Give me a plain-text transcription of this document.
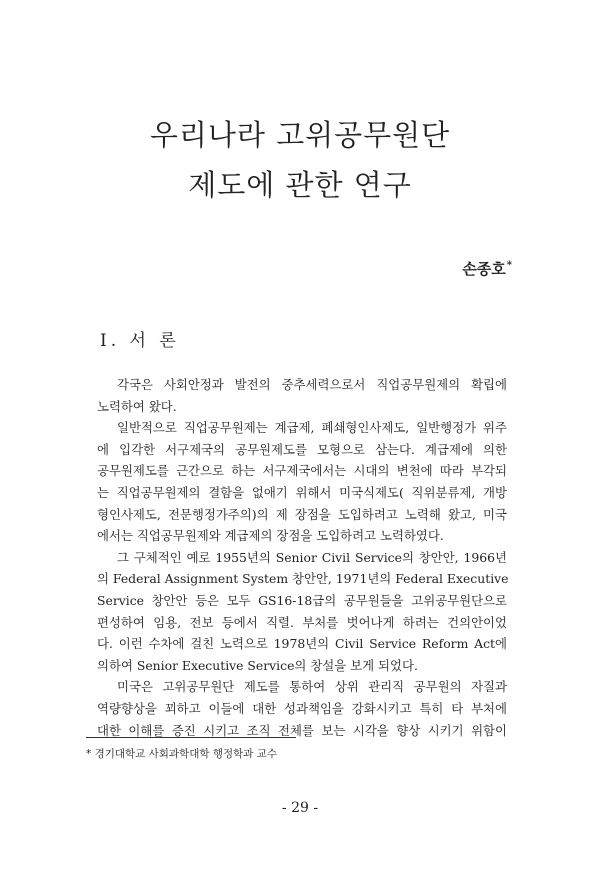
우리나라 고위공무원단
제도에 관한 연구
손종호*
Ⅰ. 서 론
각국은 사회안정과 발전의 중추세력으로서 직업공무원제의 확립에
노력하여 왔다.
일반적으로 직업공무원제는 계급제, 폐쇄형인사제도, 일반행정가 위주
에 입각한 서구제국의 공무원제도를 모형으로 삼는다. 계급제에 의한
공무원제도를 근간으로 하는 서구제국에서는 시대의 변천에 따라 부각되
는 직업공무원제의 결함을 없애기 위해서 미국식제도( 직위분류제, 개방
형인사제도, 전문행정가주의)의 제 장점을 도입하려고 노력해 왔고, 미국
에서는 직업공무원제와 계급제의 장점을 도입하려고 노력하였다.
그 구체적인 예로 1955년의 Senior Civil Service의 창안안, 1966년
의 Federal Assignment System 창안안, 1971년의 Federal Executive
Service 창안안 등은 모두 GS16-18급의 공무원들을 고위공무원단으로
편성하여 임용, 전보 등에서 직렬. 부처를 벗어나게 하려는 건의안이었
다. 이런 수차에 걸친 노력으로 1978년의 Civil Service Reform Act에
의하여 Senior Executive Service의 창설을 보게 되었다.
미국은 고위공무원단 제도를 통하여 상위 관리직 공무원의 자질과
역량향상을 꾀하고 이들에 대한 성과책임을 강화시키고 특히 타 부처에
대한 이해를 증진 시키고 조직 전체를 보는 시각을 향상 시키기 위함이
* 경기대학교 사회과학대학 행정학과 교수
- 29 -
